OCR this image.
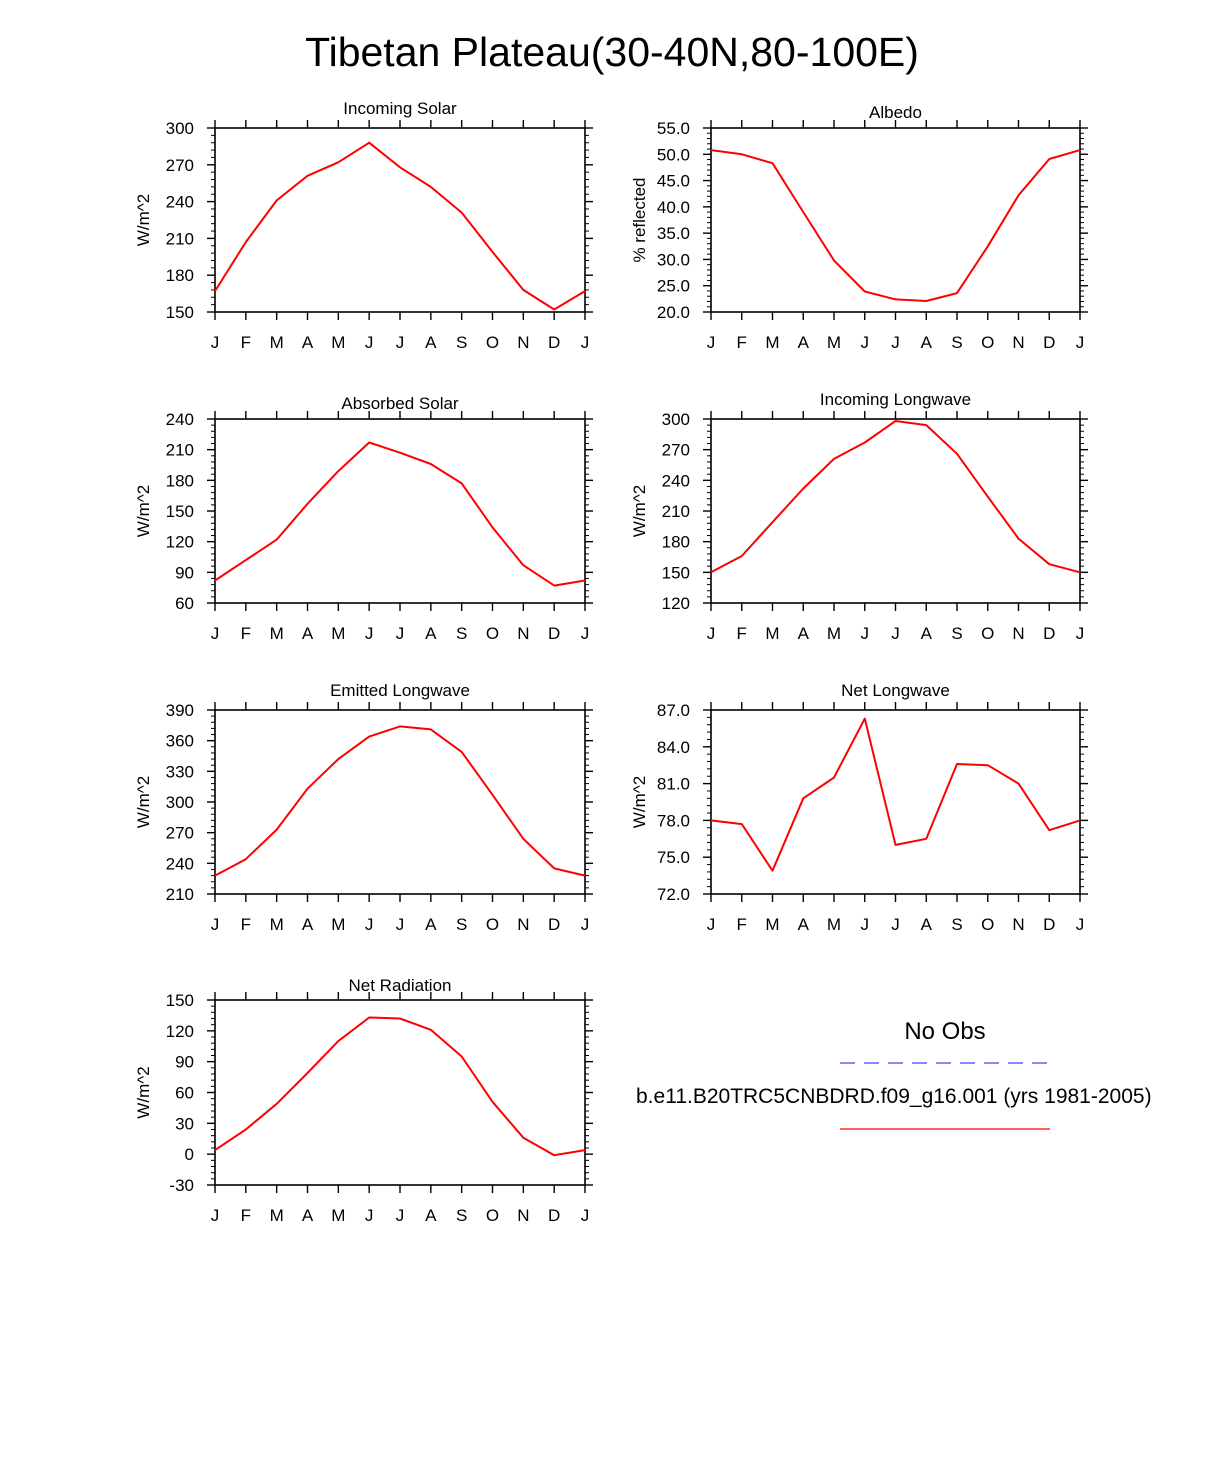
Tibetan Plateau(30-40N,80-100E)
Incoming Solar
J F M A M J J A S O N D J
150
180
210
240
270
300
W/m^2
Albedo
J F M A M J J A S O N D J
20.0
25.0
30.0
35.0
40.0
45.0
50.0
55.0
% reflected
Absorbed Solar
J F M A M J J A S O N D J
60
90
120
150
180
210
240
W/m^2
Incoming Longwave
J F M A M J J A S O N D J
120
150
180
210
240
270
300
W/m^2
Emitted Longwave
J F M A M J J A S O N D J
210
240
270
300
330
360
390
W/m^2
Net Longwave
J F M A M J J A S O N D J
72.0
75.0
78.0
81.0
84.0
87.0
W/m^2
Net Radiation
J F M A M J J A S O N D J
-30
0
30
60
90
120
150
W/m^2
No Obs
b.e11.B20TRC5CNBDRD.f09_g16.001 (yrs 1981-2005)
